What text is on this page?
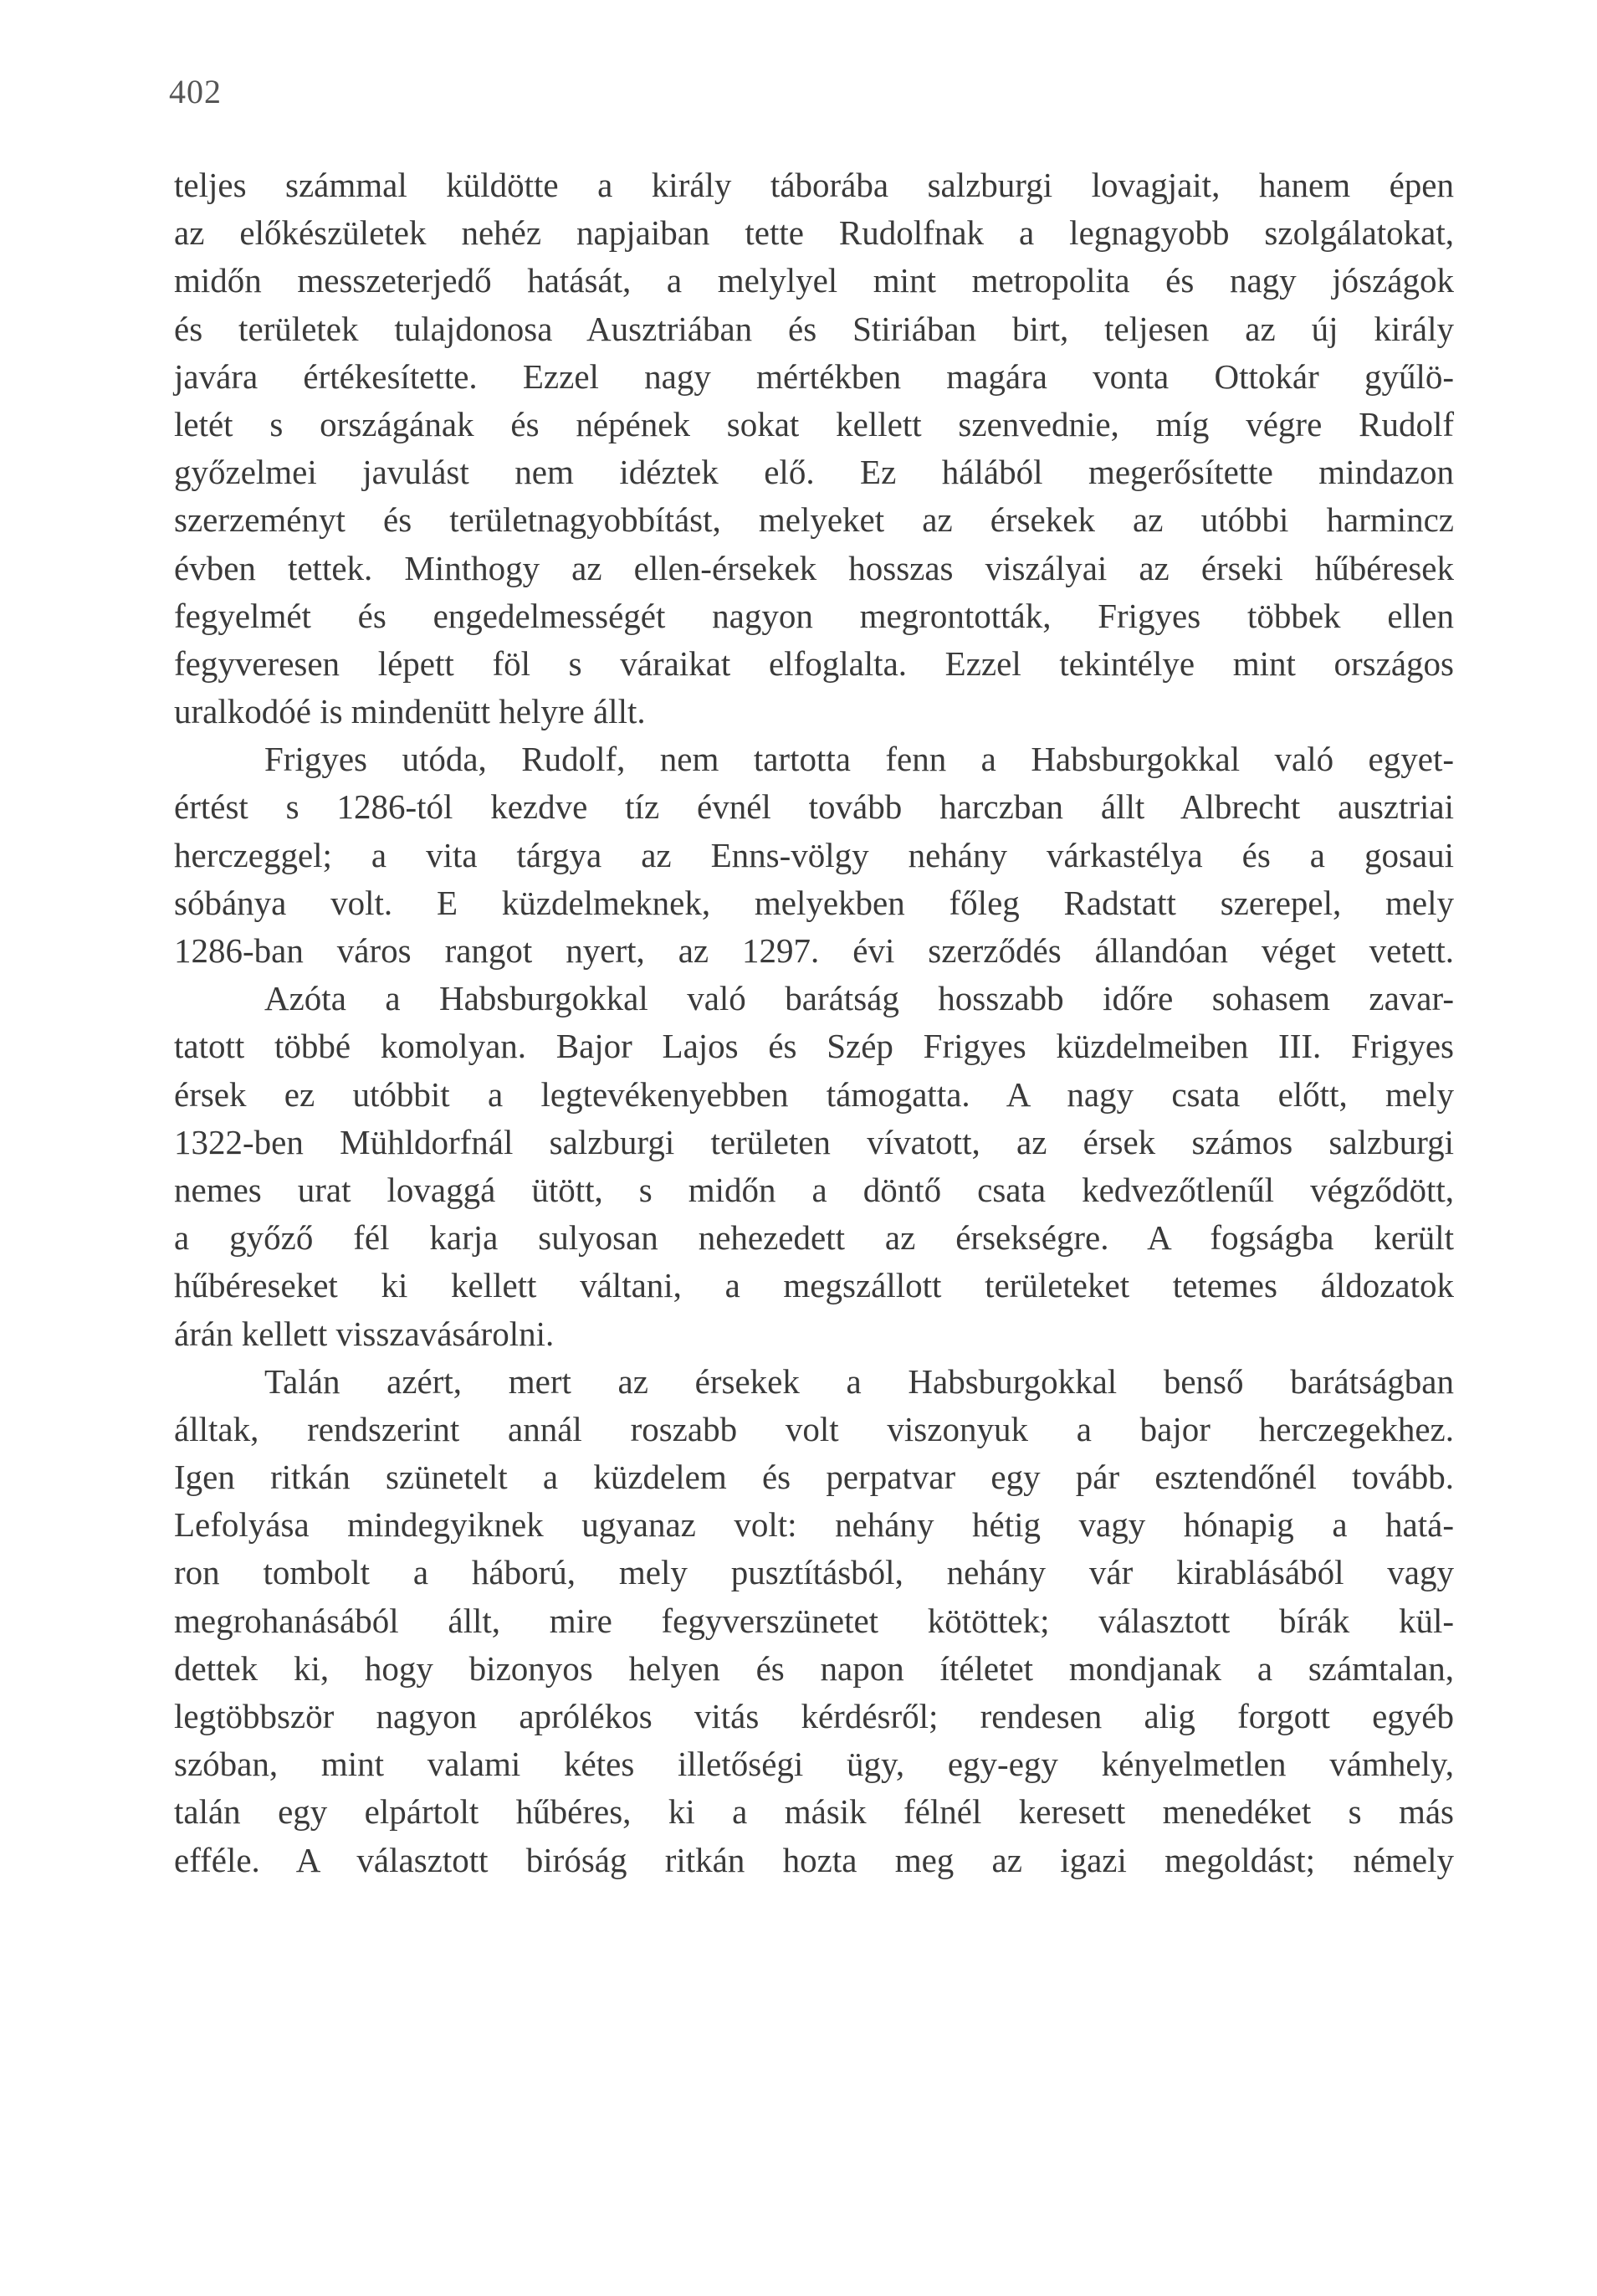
402
teljes számmal küldötte a király táborába salzburgi lovagjait, hanem épen
az előkészületek nehéz napjaiban tette Rudolfnak a legnagyobb szolgálatokat,
midőn messzeterjedő hatását, a melylyel mint metropolita és nagy jószágok
és területek tulajdonosa Ausztriában és Stiriában birt, teljesen az új király
javára értékesítette. Ezzel nagy mértékben magára vonta Ottokár gyűlö-
letét s országának és népének sokat kellett szenvednie, míg végre Rudolf
győzelmei javulást nem idéztek elő. Ez hálából megerősítette mindazon
szerzeményt és területnagyobbítást, melyeket az érsekek az utóbbi harmincz
évben tettek. Minthogy az ellen-érsekek hosszas viszályai az érseki hűbéresek
fegyelmét és engedelmességét nagyon megrontották, Frigyes többek ellen
fegyveresen lépett föl s váraikat elfoglalta. Ezzel tekintélye mint országos
uralkodóé is mindenütt helyre állt.
Frigyes utóda, Rudolf, nem tartotta fenn a Habsburgokkal való egyet-
értést s 1286-tól kezdve tíz évnél tovább harczban állt Albrecht ausztriai
herczeggel; a vita tárgya az Enns-völgy nehány várkastélya és a gosaui
sóbánya volt. E küzdelmeknek, melyekben főleg Radstatt szerepel, mely
1286-ban város rangot nyert, az 1297. évi szerződés állandóan véget vetett.
Azóta a Habsburgokkal való barátság hosszabb időre sohasem zavar-
tatott többé komolyan. Bajor Lajos és Szép Frigyes küzdelmeiben III. Frigyes
érsek ez utóbbit a legtevékenyebben támogatta. A nagy csata előtt, mely
1322-ben Mühldorfnál salzburgi területen vívatott, az érsek számos salzburgi
nemes urat lovaggá ütött, s midőn a döntő csata kedvezőtlenűl végződött,
a győző fél karja sulyosan nehezedett az érsekségre. A fogságba került
hűbéreseket ki kellett váltani, a megszállott területeket tetemes áldozatok
árán kellett visszavásárolni.
Talán azért, mert az érsekek a Habsburgokkal benső barátságban
álltak, rendszerint annál roszabb volt viszonyuk a bajor herczegekhez.
Igen ritkán szünetelt a küzdelem és perpatvar egy pár esztendőnél tovább.
Lefolyása mindegyiknek ugyanaz volt: nehány hétig vagy hónapig a hatá-
ron tombolt a háború, mely pusztításból, nehány vár kirablásából vagy
megrohanásából állt, mire fegyverszünetet kötöttek; választott bírák kül-
dettek ki, hogy bizonyos helyen és napon ítéletet mondjanak a számtalan,
legtöbbször nagyon aprólékos vitás kérdésről; rendesen alig forgott egyéb
szóban, mint valami kétes illetőségi ügy, egy-egy kényelmetlen vámhely,
talán egy elpártolt hűbéres, ki a másik félnél keresett menedéket s más
efféle. A választott biróság ritkán hozta meg az igazi megoldást; némely
